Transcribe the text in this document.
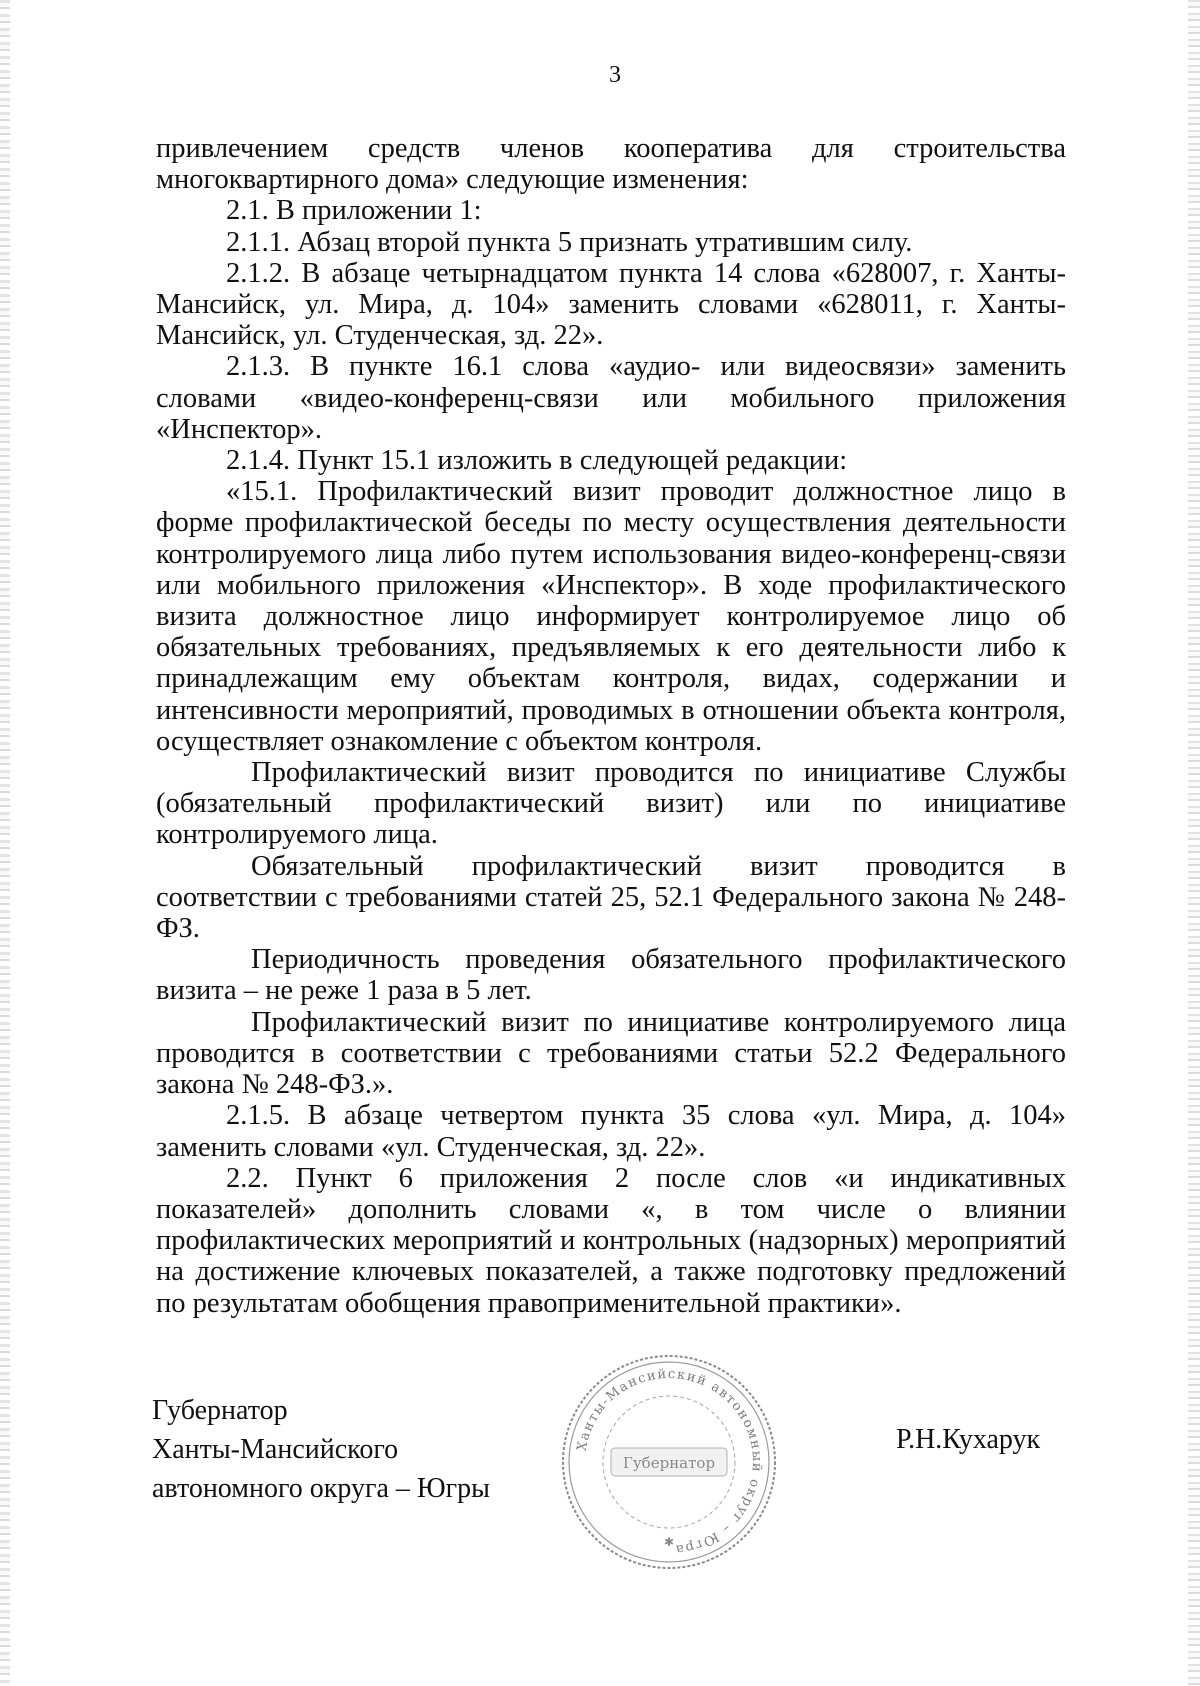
3

привлечением средств членов кооператива для строительства многоквартирного дома» следующие изменения:

2.1. В приложении 1:

2.1.1. Абзац второй пункта 5 признать утратившим силу.

2.1.2. В абзаце четырнадцатом пункта 14 слова «628007, г. Ханты-Мансийск, ул. Мира, д. 104» заменить словами «628011, г. Ханты-Мансийск, ул. Студенческая, зд. 22».

2.1.3. В пункте 16.1 слова «аудио- или видеосвязи» заменить словами «видео-конференц-связи или мобильного приложения «Инспектор».

2.1.4. Пункт 15.1 изложить в следующей редакции:

«15.1. Профилактический визит проводит должностное лицо в форме профилактической беседы по месту осуществления деятельности контролируемого лица либо путем использования видео-конференц-связи или мобильного приложения «Инспектор». В ходе профилактического визита должностное лицо информирует контролируемое лицо об обязательных требованиях, предъявляемых к его деятельности либо к принадлежащим ему объектам контроля, видах, содержании и интенсивности мероприятий, проводимых в отношении объекта контроля, осуществляет ознакомление с объектом контроля.

Профилактический визит проводится по инициативе Службы (обязательный профилактический визит) или по инициативе контролируемого лица.

Обязательный профилактический визит проводится в соответствии с требованиями статей 25, 52.1 Федерального закона № 248-ФЗ.

Периодичность проведения обязательного профилактического визита – не реже 1 раза в 5 лет.

Профилактический визит по инициативе контролируемого лица проводится в соответствии с требованиями статьи 52.2 Федерального закона № 248-ФЗ.».

2.1.5. В абзаце четвертом пункта 35 слова «ул. Мира, д. 104» заменить словами «ул. Студенческая, зд. 22».

2.2. Пункт 6 приложения 2 после слов «и индикативных показателей» дополнить словами «, в том числе о влиянии профилактических мероприятий и контрольных (надзорных) мероприятий на достижение ключевых показателей, а также подготовку предложений по результатам обобщения правоприменительной практики».

Губернатор
Ханты-Мансийского
автономного округа – Югры
Ханты-Мансийский автономный округ – Югра
Губернатор
✱
Р.Н.Кухарук
